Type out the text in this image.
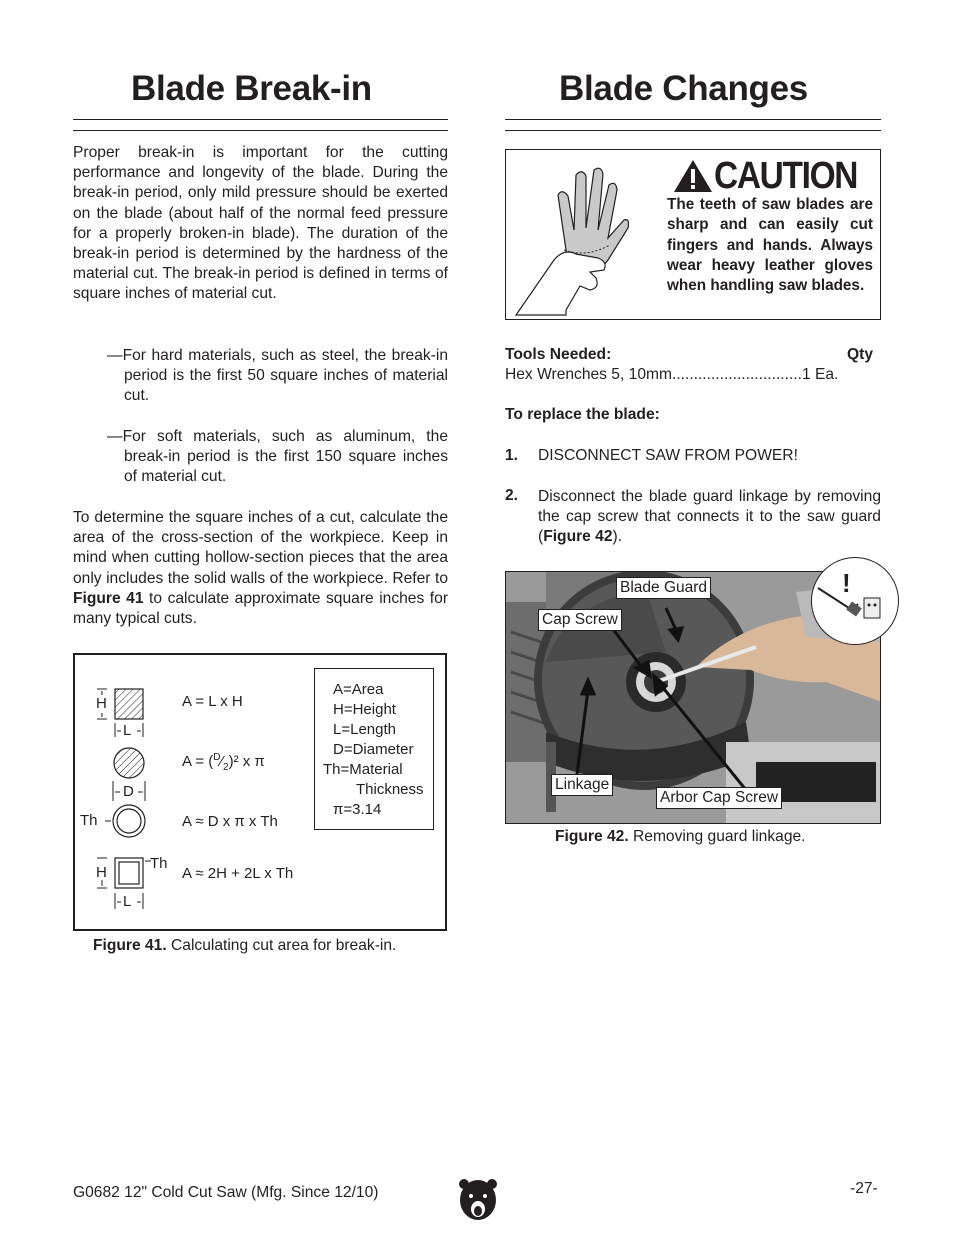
Blade Break-in
Proper break-in is important for the cutting performance and longevity of the blade. During the break-in period, only mild pressure should be exerted on the blade (about half of the normal feed pressure for a properly broken-in blade). The duration of the break-in period is determined by the hardness of the material cut. The break-in period is defined in terms of square inches of material cut.
—For hard materials, such as steel, the break-in period is the first 50 square inches of material cut.
—For soft materials, such as aluminum, the break-in period is the first 150 square inches of material cut.
To determine the square inches of a cut, calculate the area of the cross-section of the workpiece. Keep in mind when cutting hollow-section pieces that the area only includes the solid walls of the workpiece. Refer to Figure 41 to calculate approximate square inches for many typical cuts.
H
L
D
Th
H
Th
L
A = L x H
$A = (^D⁄_2)^2$ x π
A ≈ D x π x Th
A ≈ 2H + 2L x Th
A=Area
H=Height
L=Length
D=Diameter
Th=Material
Thickness
π=3.14
Figure 41. Calculating cut area for break-in.
Blade Changes
CAUTION
The teeth of saw blades are sharp and can easily cut fingers and hands. Always wear heavy leather gloves when handling saw blades.
Tools Needed:	Qty
Hex Wrenches 5, 10mm..............................1 Ea.
To replace the blade:
1. DISCONNECT SAW FROM POWER!
2. Disconnect the blade guard linkage by removing the cap screw that connects it to the saw guard (Figure 42).
Blade Guard
Cap Screw
Linkage
Arbor Cap Screw
!
Figure 42. Removing guard linkage.
G0682 12" Cold Cut Saw (Mfg. Since 12/10)	-27-
